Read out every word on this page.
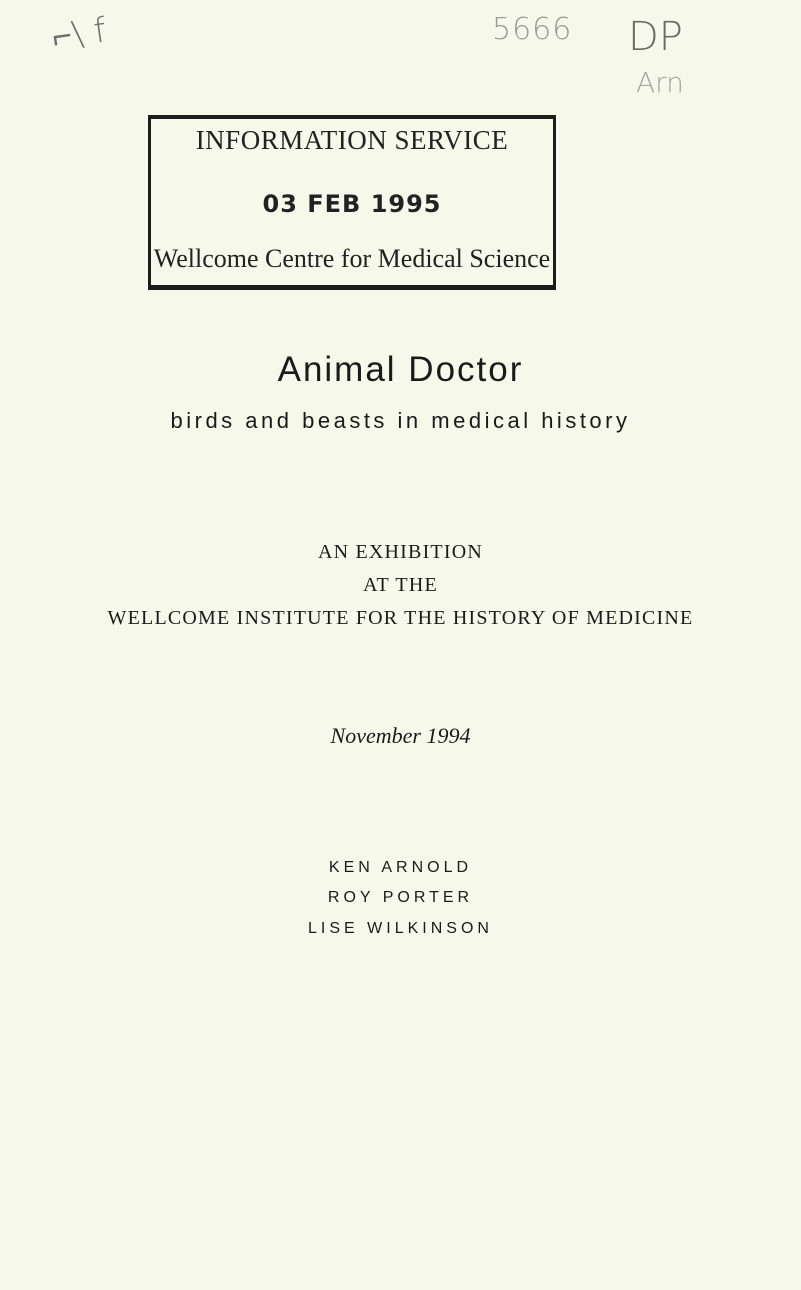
⌐\ f	5666 DP
Arn
INFORMATION SERVICE
03 FEB 1995
Wellcome Centre for Medical Science
Animal Doctor
birds and beasts in medical history
AN EXHIBITION
AT THE
WELLCOME INSTITUTE FOR THE HISTORY OF MEDICINE
November 1994
KEN ARNOLD
ROY PORTER
LISE WILKINSON
